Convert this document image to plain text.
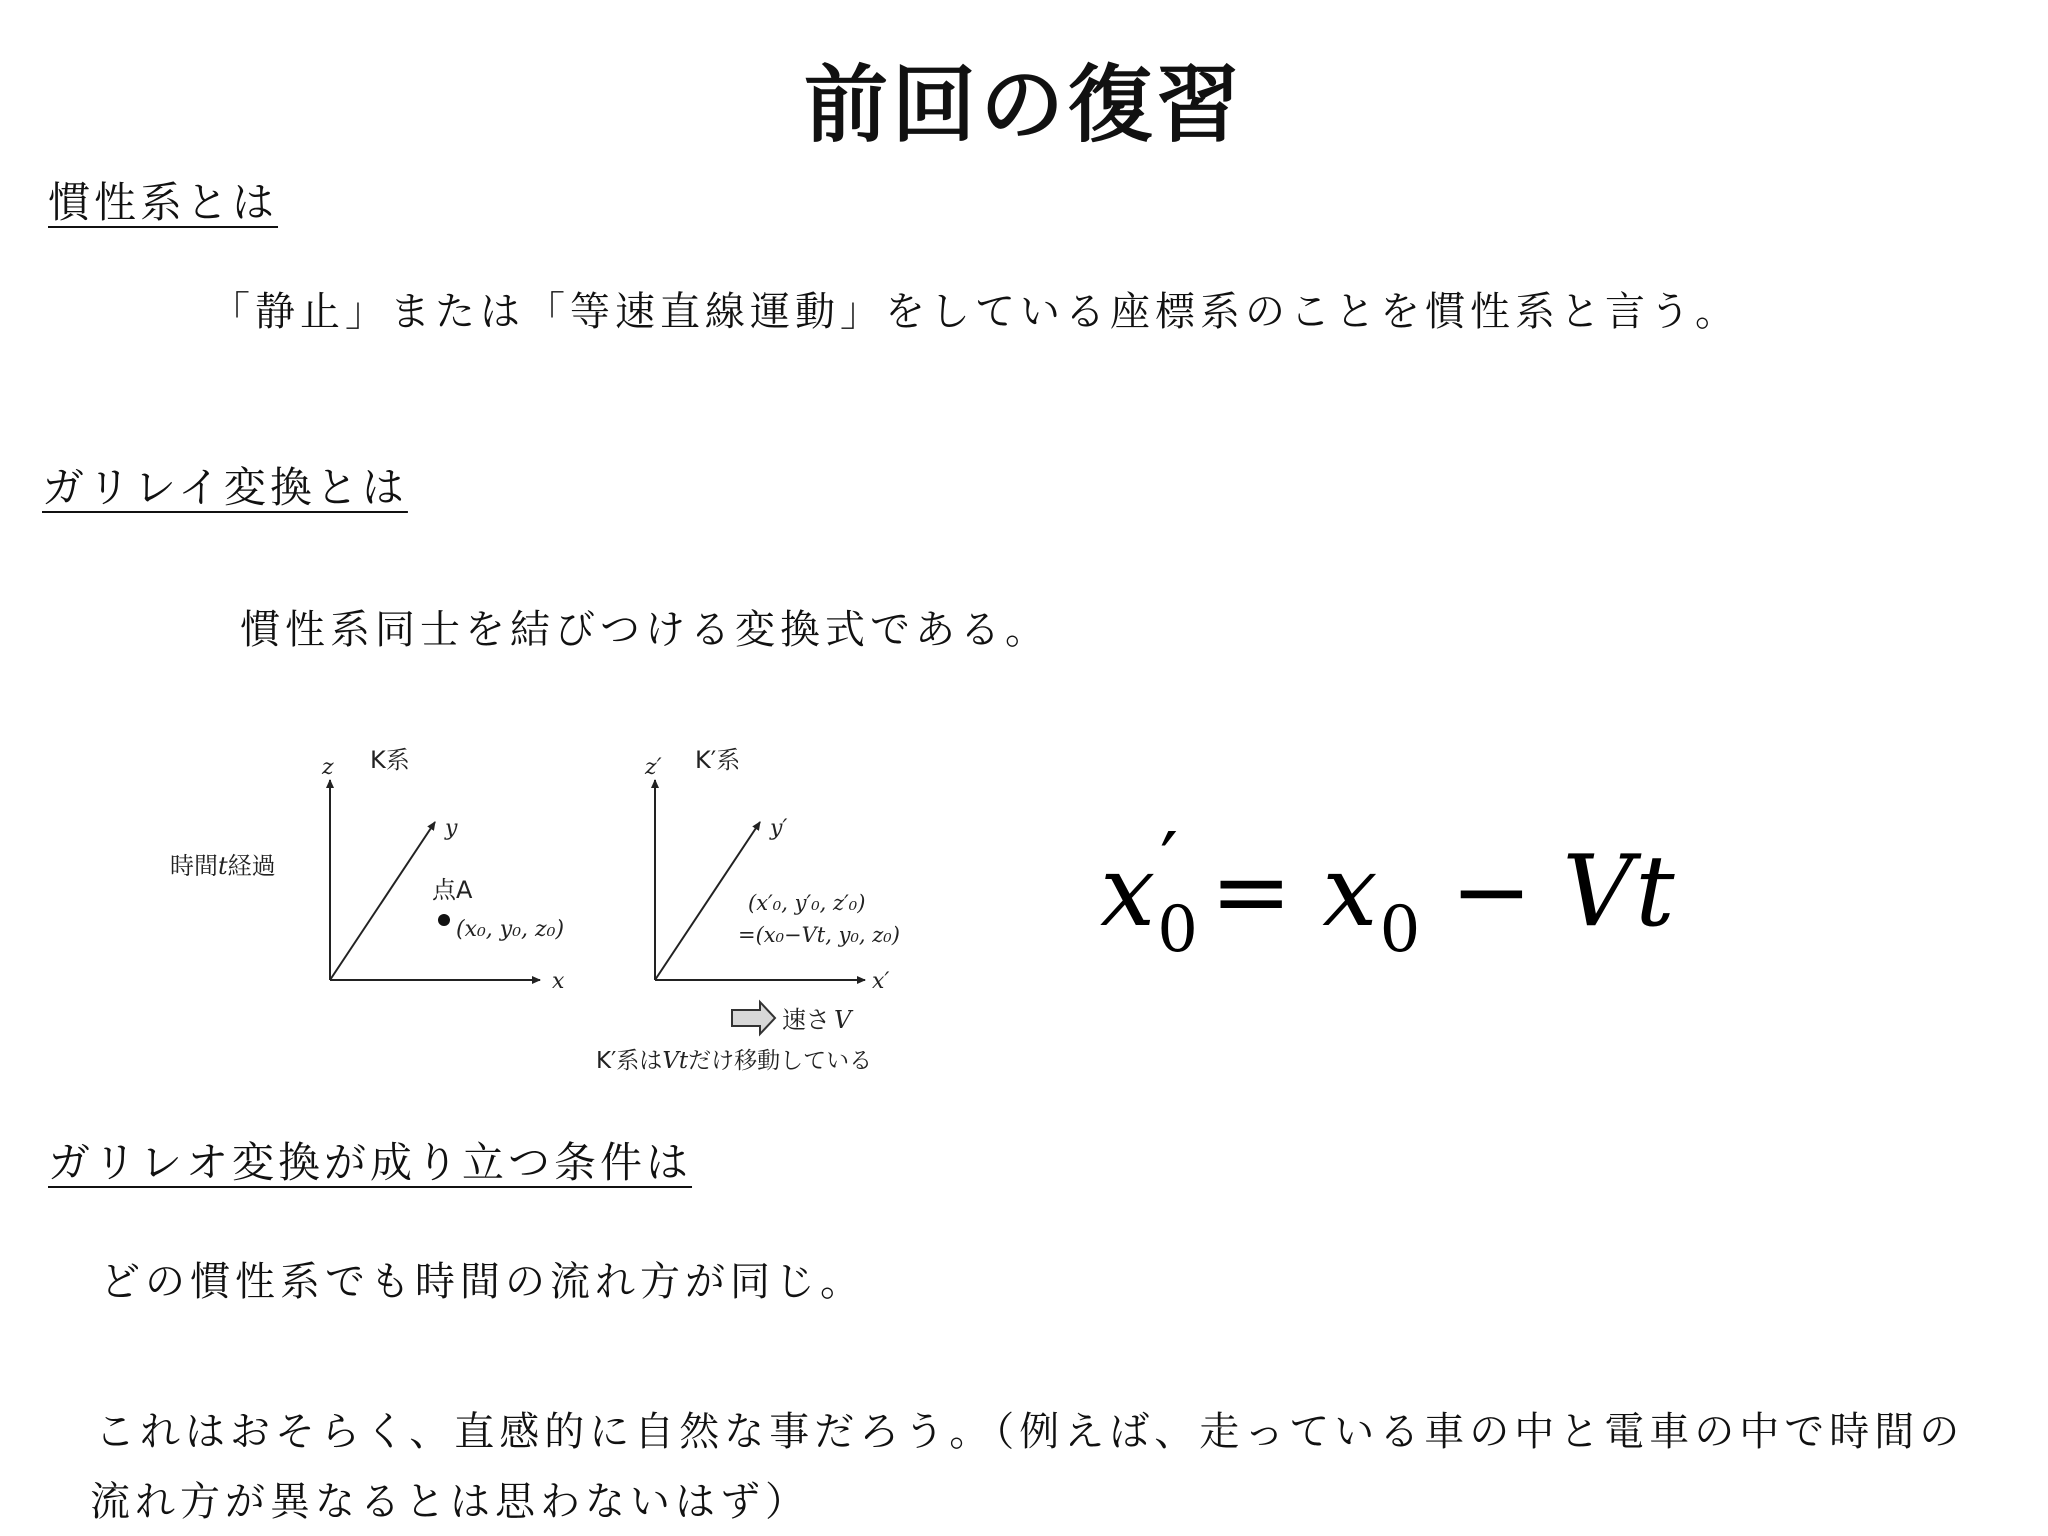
前回の復習
慣性系とは
「静止」または「等速直線運動」をしている座標系のことを慣性系と言う。
ガリレイ変換とは
慣性系同士を結びつける変換式である。
時間t経過
z K系
y
x
点A
(x₀, y₀, z₀)
z′ K′系
y′
x′
(x′₀, y′₀, z′₀)
=(x₀−Vt, y₀, z₀)
速さ V
K′系はVtだけ移動している
$x_0' = x_0 - Vt$
ガリレオ変換が成り立つ条件は
どの慣性系でも時間の流れ方が同じ。
これはおそらく、直感的に自然な事だろう。（例えば、走っている車の中と電車の中で時間の
流れ方が異なるとは思わないはず）
